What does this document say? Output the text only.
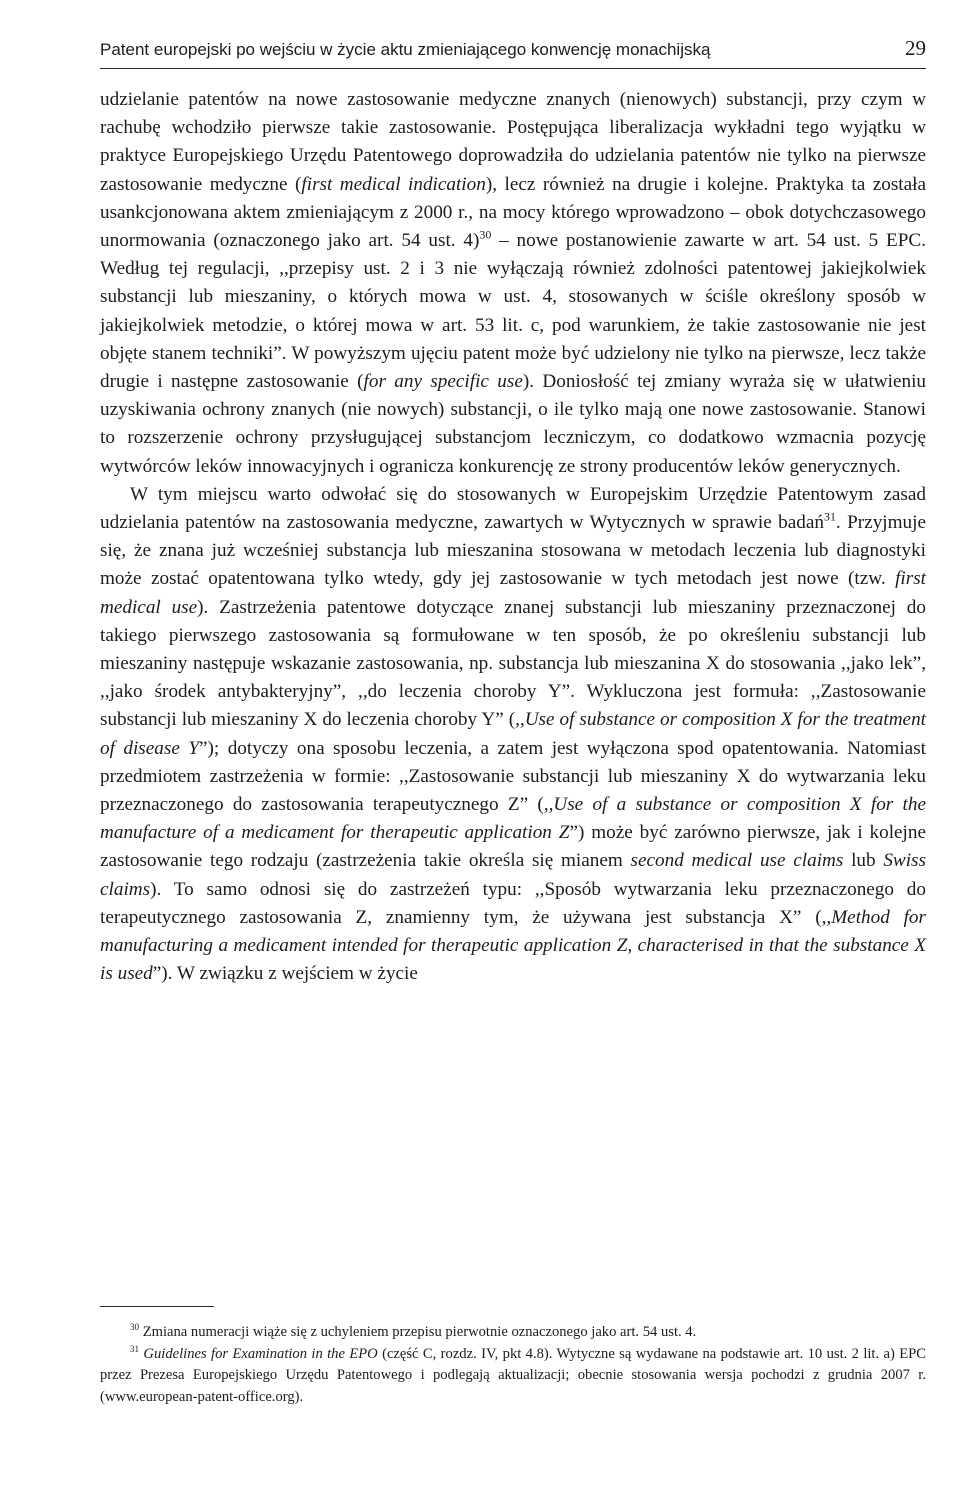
Patent europejski po wejściu w życie aktu zmieniającego konwencję monachijską	29

udzielanie patentów na nowe zastosowanie medyczne znanych (nienowych) substancji, przy czym w rachubę wchodziło pierwsze takie zastosowanie. Postępująca liberalizacja wykładni tego wyjątku w praktyce Europejskiego Urzędu Patentowego doprowadziła do udzielania patentów nie tylko na pierwsze zastosowanie medyczne (first medical indication), lecz również na drugie i kolejne. Praktyka ta została usankcjonowana aktem zmieniającym z 2000 r., na mocy którego wprowadzono – obok dotychczasowego unormowania (oznaczonego jako art. 54 ust. 4)$^{30}$ – nowe postanowienie zawarte w art. 54 ust. 5 EPC. Według tej regulacji, ,,przepisy ust. 2 i 3 nie wyłączają również zdolności patentowej jakiejkolwiek substancji lub mieszaniny, o których mowa w ust. 4, stosowanych w ściśle określony sposób w jakiejkolwiek metodzie, o której mowa w art. 53 lit. c, pod warunkiem, że takie zastosowanie nie jest objęte stanem techniki”. W powyższym ujęciu patent może być udzielony nie tylko na pierwsze, lecz także drugie i następne zastosowanie (for any specific use). Doniosłość tej zmiany wyraża się w ułatwieniu uzyskiwania ochrony znanych (nie nowych) substancji, o ile tylko mają one nowe zastosowanie. Stanowi to rozszerzenie ochrony przysługującej substancjom leczniczym, co dodatkowo wzmacnia pozycję wytwórców leków innowacyjnych i ogranicza konkurencję ze strony producentów leków generycznych.

W tym miejscu warto odwołać się do stosowanych w Europejskim Urzędzie Patentowym zasad udzielania patentów na zastosowania medyczne, zawartych w Wytycznych w sprawie badań$^{31}$. Przyjmuje się, że znana już wcześniej substancja lub mieszanina stosowana w metodach leczenia lub diagnostyki może zostać opatentowana tylko wtedy, gdy jej zastosowanie w tych metodach jest nowe (tzw. first medical use). Zastrzeżenia patentowe dotyczące znanej substancji lub mieszaniny przeznaczonej do takiego pierwszego zastosowania są formułowane w ten sposób, że po określeniu substancji lub mieszaniny następuje wskazanie zastosowania, np. substancja lub mieszanina X do stosowania ,,jako lek”, ,,jako środek antybakteryjny”, ,,do leczenia choroby Y”. Wykluczona jest formuła: ,,Zastosowanie substancji lub mieszaniny X do leczenia choroby Y” (,,Use of substance or composition X for the treatment of disease Y”); dotyczy ona sposobu leczenia, a zatem jest wyłączona spod opatentowania. Natomiast przedmiotem zastrzeżenia w formie: ,,Zastosowanie substancji lub mieszaniny X do wytwarzania leku przeznaczonego do zastosowania terapeutycznego Z” (,,Use of a substance or composition X for the manufacture of a medicament for therapeutic application Z”) może być zarówno pierwsze, jak i kolejne zastosowanie tego rodzaju (zastrzeżenia takie określa się mianem second medical use claims lub Swiss claims). To samo odnosi się do zastrzeżeń typu: ,,Sposób wytwarzania leku przeznaczonego do terapeutycznego zastosowania Z, znamienny tym, że używana jest substancja X” (,,Method for manufacturing a medicament intended for therapeutic application Z, characterised in that the substance X is used”). W związku z wejściem w życie

$^{30}$ Zmiana numeracji wiąże się z uchyleniem przepisu pierwotnie oznaczonego jako art. 54 ust. 4.

$^{31}$ Guidelines for Examination in the EPO (część C, rozdz. IV, pkt 4.8). Wytyczne są wydawane na podstawie art. 10 ust. 2 lit. a) EPC przez Prezesa Europejskiego Urzędu Patentowego i podlegają aktualizacji; obecnie stosowania wersja pochodzi z grudnia 2007 r. (www.european-patent-office.org).
